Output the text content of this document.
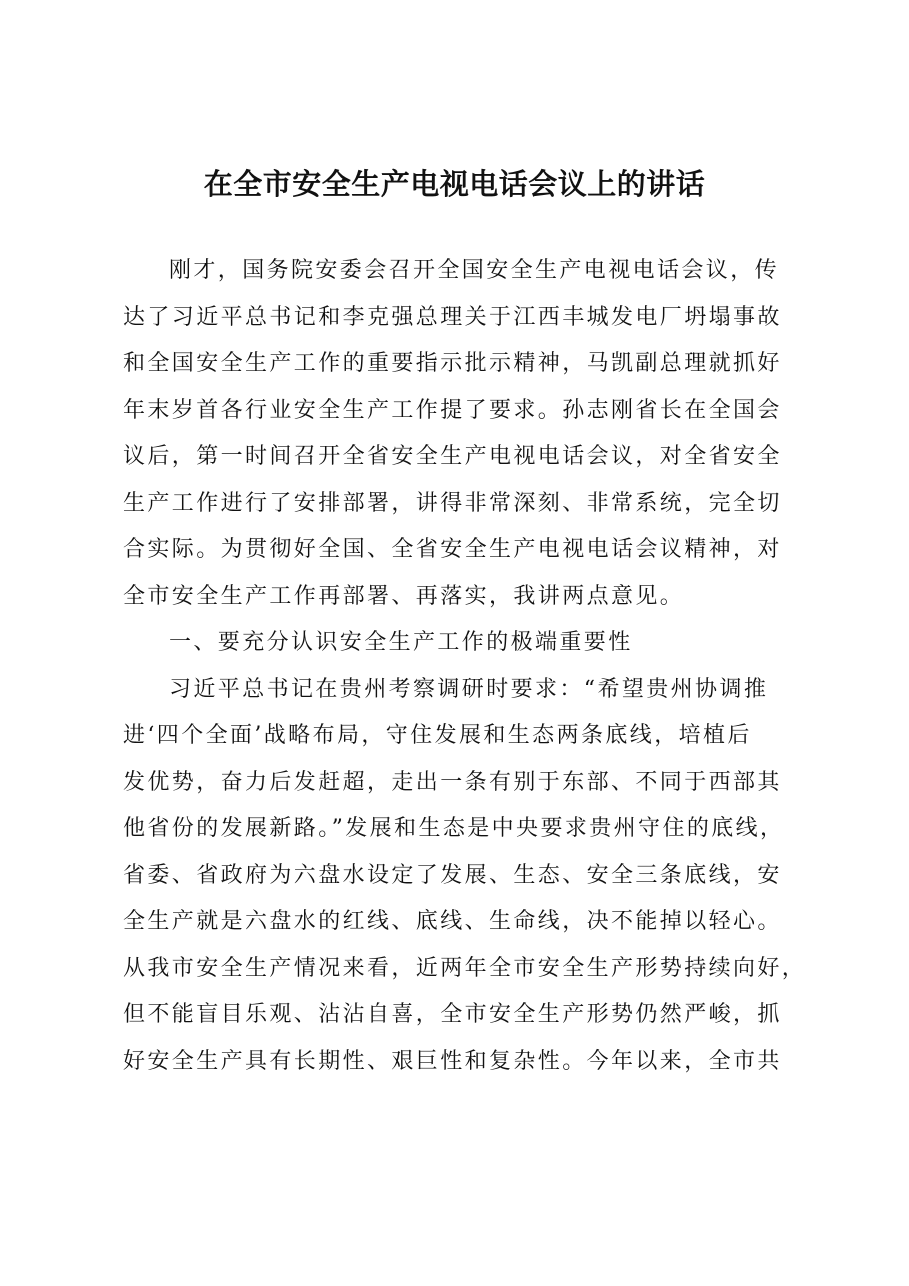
在全市安全生产电视电话会议上的讲话
刚才，国务院安委会召开全国安全生产电视电话会议，传
达了习近平总书记和李克强总理关于江西丰城发电厂坍塌事故
和全国安全生产工作的重要指示批示精神，马凯副总理就抓好
年末岁首各行业安全生产工作提了要求。孙志刚省长在全国会
议后，第一时间召开全省安全生产电视电话会议，对全省安全
生产工作进行了安排部署，讲得非常深刻、非常系统，完全切
合实际。为贯彻好全国、全省安全生产电视电话会议精神，对
全市安全生产工作再部署、再落实，我讲两点意见。
一、要充分认识安全生产工作的极端重要性
习近平总书记在贵州考察调研时要求：“希望贵州协调推
进‘四个全面’战略布局，守住发展和生态两条底线，培植后
发优势，奋力后发赶超，走出一条有别于东部、不同于西部其
他省份的发展新路。”发展和生态是中央要求贵州守住的底线，
省委、省政府为六盘水设定了发展、生态、安全三条底线，安
全生产就是六盘水的红线、底线、生命线，决不能掉以轻心。
从我市安全生产情况来看，近两年全市安全生产形势持续向好，
但不能盲目乐观、沾沾自喜，全市安全生产形势仍然严峻，抓
好安全生产具有长期性、艰巨性和复杂性。今年以来，全市共
